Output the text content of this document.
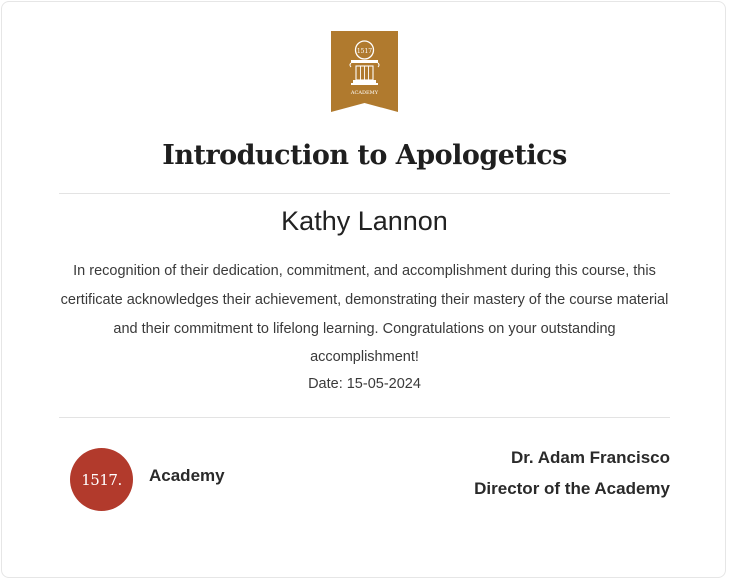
1517
ACADEMY
Introduction to Apologetics
Kathy Lannon
In recognition of their dedication, commitment, and accomplishment during this course, this certificate acknowledges their achievement, demonstrating their mastery of the course material and their commitment to lifelong learning. Congratulations on your outstanding accomplishment!
Date: 15-05-2024
1517. Academy
Dr. Adam Francisco
Director of the Academy
